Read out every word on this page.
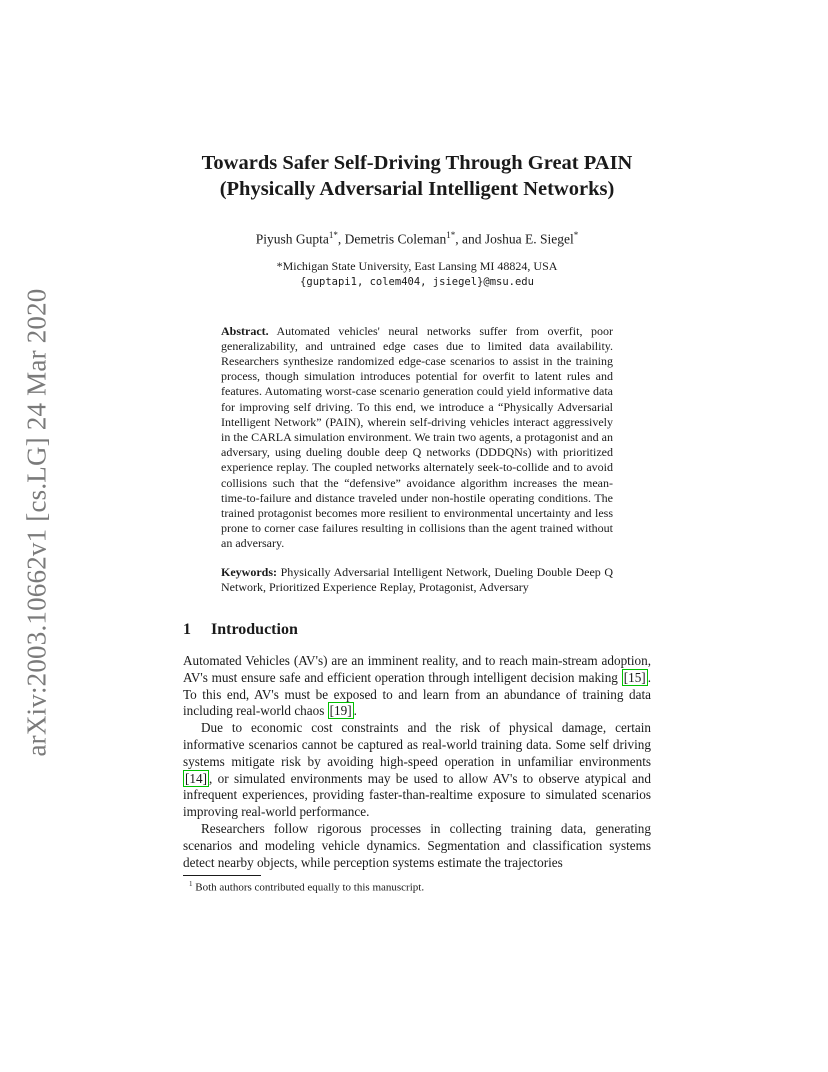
arXiv:2003.10662v1 [cs.LG] 24 Mar 2020
Towards Safer Self-Driving Through Great PAIN
(Physically Adversarial Intelligent Networks)
Piyush Gupta$^{1*}$, Demetris Coleman$^{1*}$, and Joshua E. Siegel*
*Michigan State University, East Lansing MI 48824, USA
{guptapi1, colem404, jsiegel}@msu.edu
Abstract. Automated vehicles' neural networks suffer from overfit, poor generalizability, and untrained edge cases due to limited data availability. Researchers synthesize randomized edge-case scenarios to assist in the training process, though simulation introduces potential for overfit to latent rules and features. Automating worst-case scenario generation could yield informative data for improving self driving. To this end, we introduce a “Physically Adversarial Intelligent Network” (PAIN), wherein self-driving vehicles interact aggressively in the CARLA simulation environment. We train two agents, a protagonist and an adversary, using dueling double deep Q networks (DDDQNs) with prioritized experience replay. The coupled networks alternately seek-to-collide and to avoid collisions such that the “defensive” avoidance algorithm increases the mean-time-to-failure and distance traveled under non-hostile operating conditions. The trained protagonist becomes more resilient to environmental uncertainty and less prone to corner case failures resulting in collisions than the agent trained without an adversary.
Keywords: Physically Adversarial Intelligent Network, Dueling Double Deep Q Network, Prioritized Experience Replay, Protagonist, Adversary
1 Introduction

Automated Vehicles (AV's) are an imminent reality, and to reach main-stream adoption, AV's must ensure safe and efficient operation through intelligent decision making [15] . To this end, AV's must be exposed to and learn from an abundance of training data including real-world chaos [19] .

Due to economic cost constraints and the risk of physical damage, certain informative scenarios cannot be captured as real-world training data. Some self driving systems mitigate risk by avoiding high-speed operation in unfamiliar environments [14] , or simulated environments may be used to allow AV's to observe atypical and infrequent experiences, providing faster-than-realtime exposure to simulated scenarios improving real-world performance.

Researchers follow rigorous processes in collecting training data, generating scenarios and modeling vehicle dynamics. Segmentation and classification systems detect nearby objects, while perception systems estimate the trajectories

$^1$ Both authors contributed equally to this manuscript.
